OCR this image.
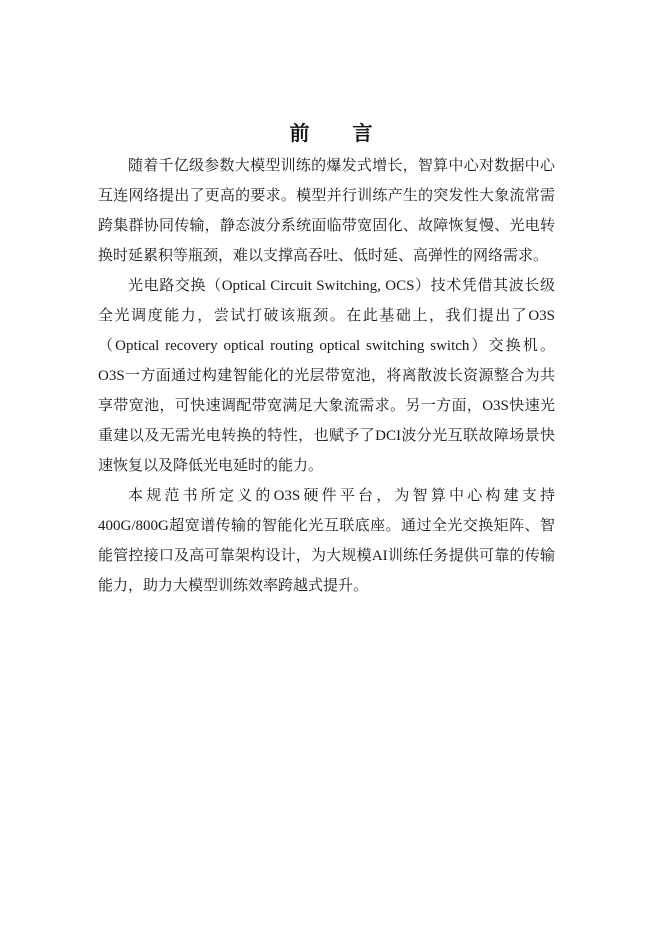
前 言

随着千亿级参数大模型训练的爆发式增长，智算中心对数据中心互连网络提出了更高的要求。模型并行训练产生的突发性大象流常需跨集群协同传输，静态波分系统面临带宽固化、故障恢复慢、光电转换时延累积等瓶颈，难以支撑高吞吐、低时延、高弹性的网络需求。

光电路交换（Optical Circuit Switching, OCS）技术凭借其波长级全光调度能力，尝试打破该瓶颈。在此基础上，我们提出了O3S（Optical recovery optical routing optical switching switch）交换机。O3S一方面通过构建智能化的光层带宽池，将离散波长资源整合为共享带宽池，可快速调配带宽满足大象流需求。另一方面，O3S快速光重建以及无需光电转换的特性，也赋予了DCI波分光互联故障场景快速恢复以及降低光电延时的能力。

本规范书所定义的O3S硬件平台，为智算中心构建支持400G/800G超宽谱传输的智能化光互联底座。通过全光交换矩阵、智能管控接口及高可靠架构设计，为大规模AI训练任务提供可靠的传输能力，助力大模型训练效率跨越式提升。
